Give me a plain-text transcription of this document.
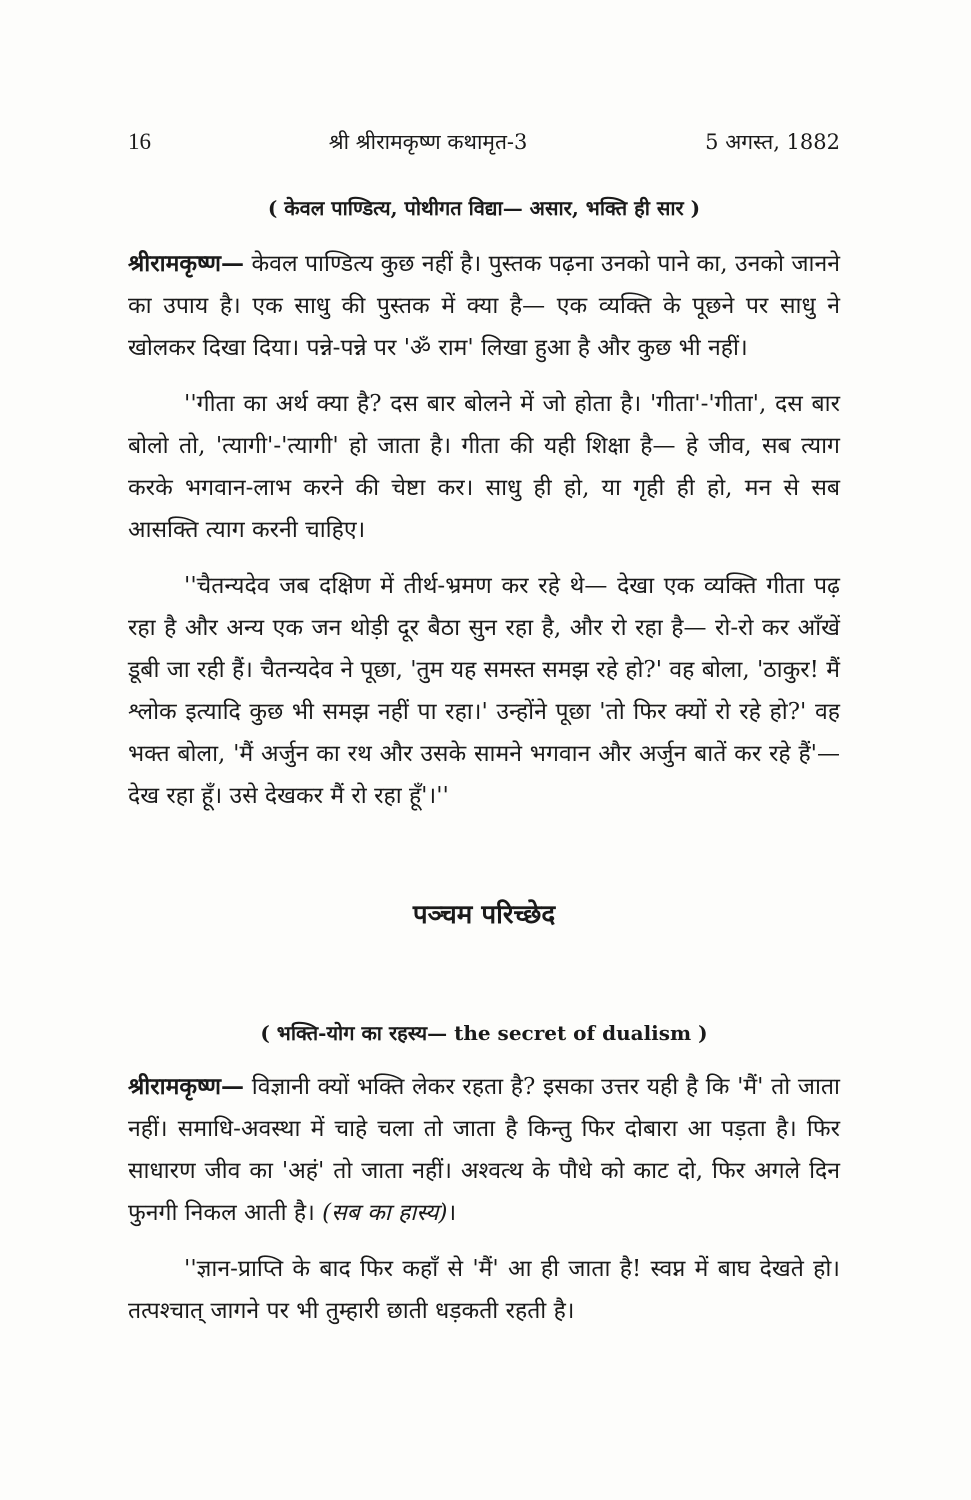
16	श्री श्रीरामकृष्ण कथामृत-3	5 अगस्त, 1882
( केवल पाण्डित्य, पोथीगत विद्या— असार, भक्ति ही सार )

श्रीरामकृष्ण— केवल पाण्डित्य कुछ नहीं है। पुस्तक पढ़ना उनको पाने का, उनको जानने का उपाय है। एक साधु की पुस्तक में क्या है— एक व्यक्ति के पूछने पर साधु ने खोलकर दिखा दिया। पन्ने-पन्ने पर 'ॐ राम' लिखा हुआ है और कुछ भी नहीं।

''गीता का अर्थ क्या है? दस बार बोलने में जो होता है। 'गीता'-'गीता', दस बार बोलो तो, 'त्यागी'-'त्यागी' हो जाता है। गीता की यही शिक्षा है— हे जीव, सब त्याग करके भगवान-लाभ करने की चेष्टा कर। साधु ही हो, या गृही ही हो, मन से सब आसक्ति त्याग करनी चाहिए।

''चैतन्यदेव जब दक्षिण में तीर्थ-भ्रमण कर रहे थे— देखा एक व्यक्ति गीता पढ़ रहा है और अन्य एक जन थोड़ी दूर बैठा सुन रहा है, और रो रहा है— रो-रो कर आँखें डूबी जा रही हैं। चैतन्यदेव ने पूछा, 'तुम यह समस्त समझ रहे हो?' वह बोला, 'ठाकुर! मैं श्लोक इत्यादि कुछ भी समझ नहीं पा रहा।' उन्होंने पूछा 'तो फिर क्यों रो रहे हो?' वह भक्त बोला, 'मैं अर्जुन का रथ और उसके सामने भगवान और अर्जुन बातें कर रहे हैं'— देख रहा हूँ। उसे देखकर मैं रो रहा हूँ'।''

पञ्चम परिच्छेद
( भक्ति-योग का रहस्य— the secret of dualism )

श्रीरामकृष्ण— विज्ञानी क्यों भक्ति लेकर रहता है? इसका उत्तर यही है कि 'मैं' तो जाता नहीं। समाधि-अवस्था में चाहे चला तो जाता है किन्तु फिर दोबारा आ पड़ता है। फिर साधारण जीव का 'अहं' तो जाता नहीं। अश्वत्थ के पौधे को काट दो, फिर अगले दिन फुनगी निकल आती है। (सब का हास्य)।

''ज्ञान-प्राप्ति के बाद फिर कहाँ से 'मैं' आ ही जाता है! स्वप्न में बाघ देखते हो। तत्पश्चात् जागने पर भी तुम्हारी छाती धड़कती रहती है।
